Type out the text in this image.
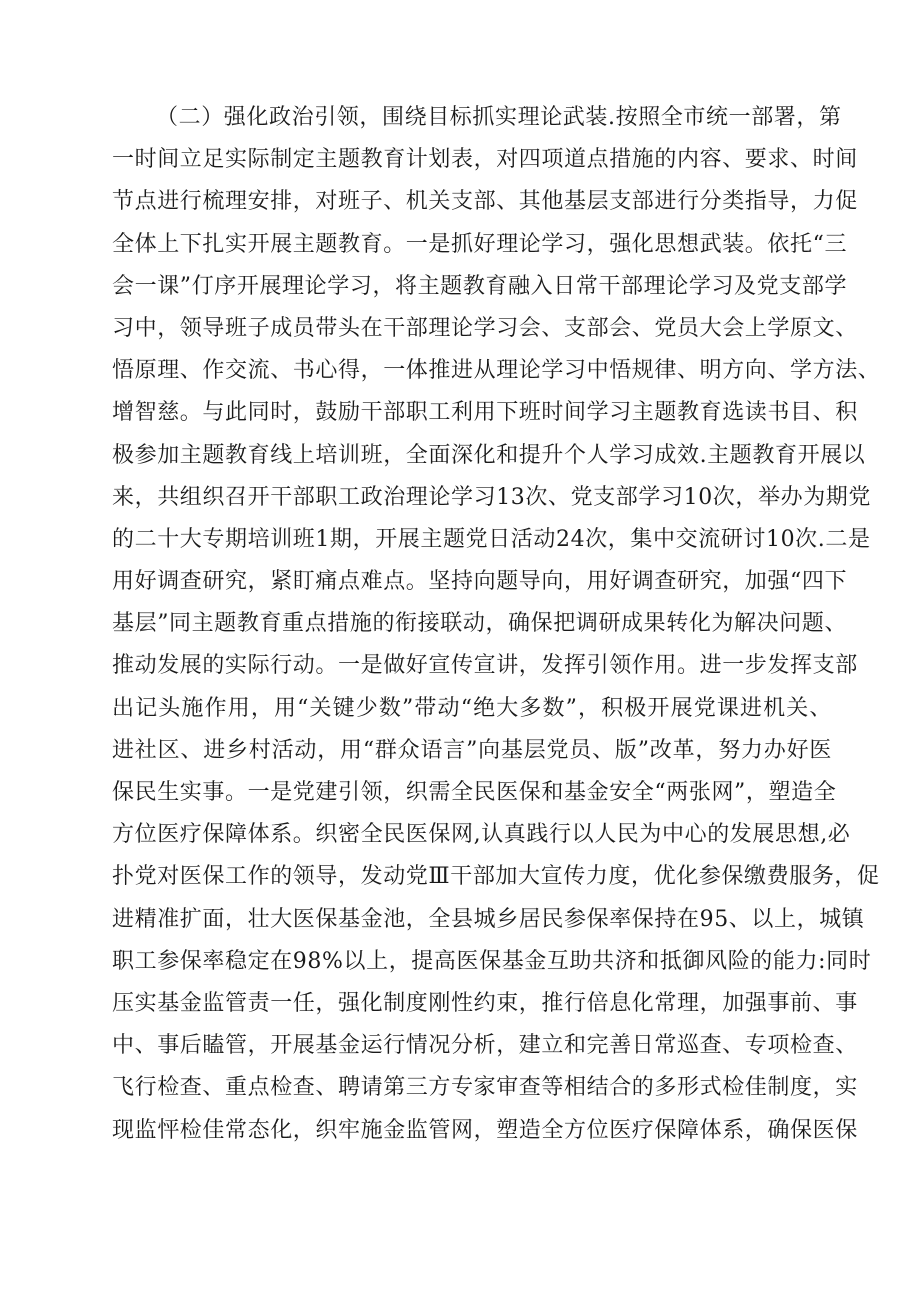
（二）强化政治引领，围绕目标抓实理论武装.按照全市统一部署，第
一时间立足实际制定主题教育计划表，对四项道点措施的内容、要求、时间
节点进行梳理安排，对班子、机关支部、其他基层支部进行分类指导，力促
全体上下扎实开展主题教育。一是抓好理论学习，强化思想武装。依托“三
会一课”仃序开展理论学习，将主题教育融入日常干部理论学习及党支部学
习中，领导班子成员带头在干部理论学习会、支部会、党员大会上学原文、
悟原理、作交流、书心得，一体推进从理论学习中悟规律、明方向、学方法、
增智慈。与此同时，鼓励干部职工利用下班时间学习主题教育选读书目、积
极参加主题教育线上培训班，全面深化和提升个人学习成效.主题教育开展以
来，共组织召开干部职工政治理论学习13次、党支部学习10次，举办为期党
的二十大专期培训班1期，开展主题党日活动24次，集中交流研讨10次.二是
用好调查研究，紧盯痛点难点。坚持向题导向，用好调查研究，加强“四下
基层”同主题教育重点措施的衔接联动，确保把调研成果转化为解决问题、
推动发展的实际行动。一是做好宣传宣讲，发挥引领作用。进一步发挥支部
出记头施作用，用“关键少数”带动“绝大多数”，积极开展党课进机关、
进社区、进乡村活动，用“群众语言”向基层党员、版”改革，努力办好医
保民生实事。一是党建引领，织需全民医保和基金安全“两张网”，塑造全
方位医疗保障体系。织密全民医保网,认真践行以人民为中心的发展思想,必
扑党对医保工作的领导，发动党Ⅲ干部加大宣传力度，优化参保缴费服务，促
进精准扩面，壮大医保基金池，全县城乡居民参保率保持在95、以上，城镇
职工参保率稳定在98%以上，提高医保基金互助共济和抵御风险的能力:同时
压实基金监管责一任，强化制度刚性约束，推行倍息化常理，加强事前、事
中、事后瞌管，开展基金运行情况分析，建立和完善日常巡查、专项检查、
飞行检查、重点检查、聘请第三方专家审查等相结合的多形式检佳制度，实
现监怦检佳常态化，织牢施金监管网，塑造全方位医疗保障体系，确保医保
